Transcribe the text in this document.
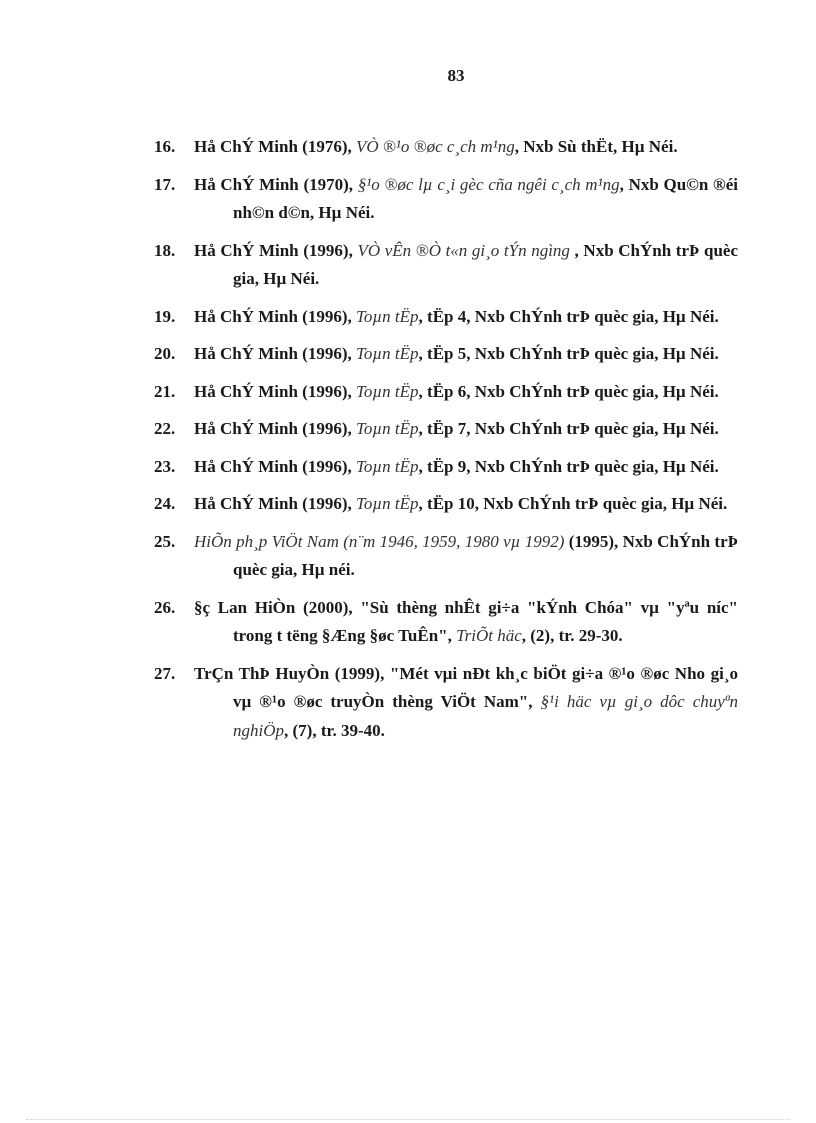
83
16. Hå ChÝ Minh (1976), VÒ ®¹o ®øc c¸ch m¹ng, Nxb Sù thËt, Hµ Néi.
17. Hå ChÝ Minh (1970), §¹o ®øc lµ c¸i gèc cña ngêi c¸ch m¹ng, Nxb Qu©n ®éi nh©n d©n, Hµ Néi.
18. Hå ChÝ Minh (1996), VÒ vÊn ®Ò t«n gi¸o tÝn ngìng , Nxb ChÝnh trÞ quèc gia, Hµ Néi.
19. Hå ChÝ Minh (1996), Toµn tËp, tËp 4, Nxb ChÝnh trÞ quèc gia, Hµ Néi.
20. Hå ChÝ Minh (1996), Toµn tËp, tËp 5, Nxb ChÝnh trÞ quèc gia, Hµ Néi.
21. Hå ChÝ Minh (1996), Toµn tËp, tËp 6, Nxb ChÝnh trÞ quèc gia, Hµ Néi.
22. Hå ChÝ Minh (1996), Toµn tËp, tËp 7, Nxb ChÝnh trÞ quèc gia, Hµ Néi.
23. Hå ChÝ Minh (1996), Toµn tËp, tËp 9, Nxb ChÝnh trÞ quèc gia, Hµ Néi.
24. Hå ChÝ Minh (1996), Toµn tËp, tËp 10, Nxb ChÝnh trÞ quèc gia, Hµ Néi.
25. HiÕn ph¸p ViÖt Nam (n¨m 1946, 1959, 1980 vµ 1992) (1995), Nxb ChÝnh trÞ quèc gia, Hµ néi.
26. §ç Lan HiÒn (2000), "Sù thèng nhÊt gi÷a "kÝnh Chóa" vµ "yªu níc" trong t tëng §Æng §øc TuÊn", TriÕt häc, (2), tr. 29-30.
27. TrÇn ThÞ HuyÒn (1999), "Mét vµi nÐt kh¸c biÖt gi÷a ®¹o ®øc Nho gi¸o vµ ®¹o ®øc truyÒn thèng ViÖt Nam", §¹i häc vµ gi¸o dôc chuyªn nghiÖp, (7), tr. 39-40.
